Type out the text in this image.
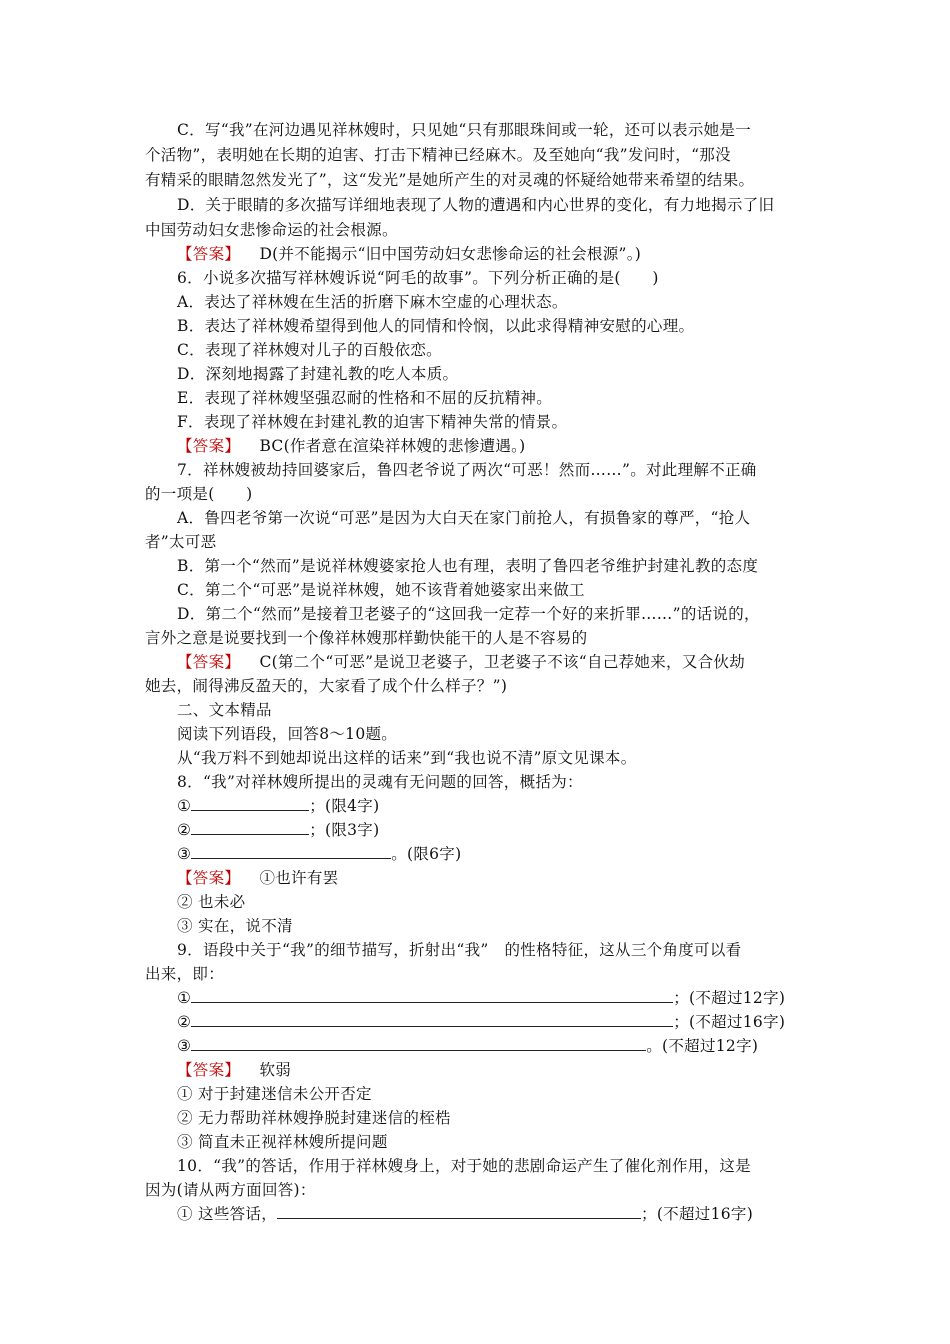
C．写“我”在河边遇见祥林嫂时，只见她“只有那眼珠间或一轮，还可以表示她是一
个活物”，表明她在长期的迫害、打击下精神已经麻木。及至她向“我”发问时，“那没
有精采的眼睛忽然发光了”，这“发光”是她所产生的对灵魂的怀疑给她带来希望的结果。
D．关于眼睛的多次描写详细地表现了人物的遭遇和内心世界的变化，有力地揭示了旧
中国劳动妇女悲惨命运的社会根源。
【答案】 D(并不能揭示“旧中国劳动妇女悲惨命运的社会根源”。)
6．小说多次描写祥林嫂诉说“阿毛的故事”。下列分析正确的是(　　)
A．表达了祥林嫂在生活的折磨下麻木空虚的心理状态。
B．表达了祥林嫂希望得到他人的同情和怜悯，以此求得精神安慰的心理。
C．表现了祥林嫂对儿子的百般依恋。
D．深刻地揭露了封建礼教的吃人本质。
E．表现了祥林嫂坚强忍耐的性格和不屈的反抗精神。
F．表现了祥林嫂在封建礼教的迫害下精神失常的情景。
【答案】 BC(作者意在渲染祥林嫂的悲惨遭遇。)
7．祥林嫂被劫持回婆家后，鲁四老爷说了两次“可恶！然而……”。对此理解不正确
的一项是(　　)
A．鲁四老爷第一次说“可恶”是因为大白天在家门前抢人，有损鲁家的尊严，“抢人
者”太可恶
B．第一个“然而”是说祥林嫂婆家抢人也有理，表明了鲁四老爷维护封建礼教的态度
C．第二个“可恶”是说祥林嫂，她不该背着她婆家出来做工
D．第二个“然而”是接着卫老婆子的“这回我一定荐一个好的来折罪……”的话说的，
言外之意是说要找到一个像祥林嫂那样勤快能干的人是不容易的
【答案】 C(第二个“可恶”是说卫老婆子，卫老婆子不该“自己荐她来，又合伙劫
她去，闹得沸反盈天的，大家看了成个什么样子？”)
二、文本精品
阅读下列语段，回答8～10题。
从“我万料不到她却说出这样的话来”到“我也说不清”原文见课本。
8．“我”对祥林嫂所提出的灵魂有无问题的回答，概括为：
①	；(限4字)
②	；(限3字)
③	。(限6字)
【答案】 ①也许有罢
② 也未必
③ 实在，说不清
9．语段中关于“我”的细节描写，折射出“我”　的性格特征，这从三个角度可以看
出来，即：
①	；(不超过12字)
②	；(不超过16字)
③	。(不超过12字)
【答案】 软弱
① 对于封建迷信未公开否定
② 无力帮助祥林嫂挣脱封建迷信的桎梏
③ 简直未正视祥林嫂所提问题
10．“我”的答话，作用于祥林嫂身上，对于她的悲剧命运产生了催化剂作用，这是
因为(请从两方面回答)：
① 这些答话，	；(不超过16字)
